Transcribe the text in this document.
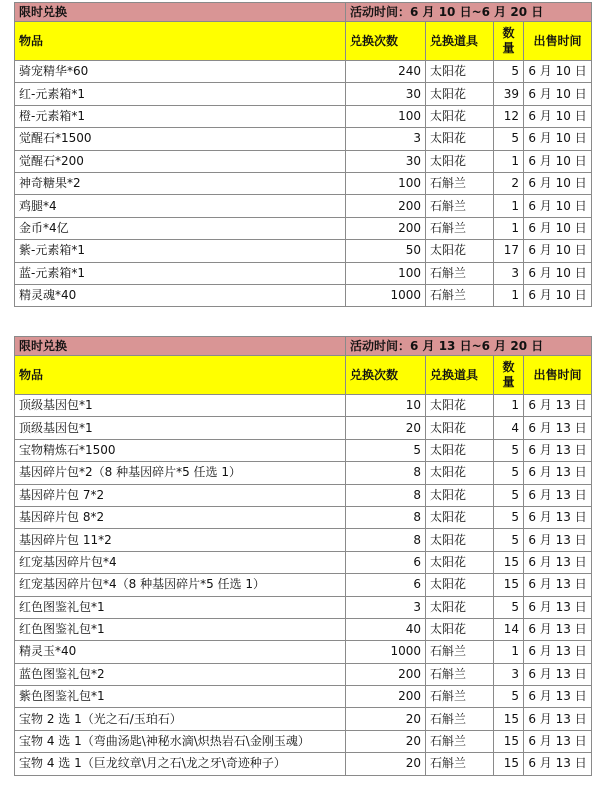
限时兑换	活动时间：6 月 10 日~6 月 20 日			
物品	兑换次数	兑换道具	数量	出售时间
骑宠精华*60	240	太阳花	5	6 月 10 日
红-元素箱*1	30	太阳花	39	6 月 10 日
橙-元素箱*1	100	太阳花	12	6 月 10 日
觉醒石*1500	3	太阳花	5	6 月 10 日
觉醒石*200	30	太阳花	1	6 月 10 日
神奇糖果*2	100	石斛兰	2	6 月 10 日
鸡腿*4	200	石斛兰	1	6 月 10 日
金币*4亿	200	石斛兰	1	6 月 10 日
紫-元素箱*1	50	太阳花	17	6 月 10 日
蓝-元素箱*1	100	石斛兰	3	6 月 10 日
精灵魂*40	1000	石斛兰	1	6 月 10 日
限时兑换	活动时间：6 月 13 日~6 月 20 日			
物品	兑换次数	兑换道具	数量	出售时间
顶级基因包*1	10	太阳花	1	6 月 13 日
顶级基因包*1	20	太阳花	4	6 月 13 日
宝物精炼石*1500	5	太阳花	5	6 月 13 日
基因碎片包*2（8 种基因碎片*5 任选 1）	8	太阳花	5	6 月 13 日
基因碎片包 7*2	8	太阳花	5	6 月 13 日
基因碎片包 8*2	8	太阳花	5	6 月 13 日
基因碎片包 11*2	8	太阳花	5	6 月 13 日
红宠基因碎片包*4	6	太阳花	15	6 月 13 日
红宠基因碎片包*4（8 种基因碎片*5 任选 1）	6	太阳花	15	6 月 13 日
红色图鉴礼包*1	3	太阳花	5	6 月 13 日
红色图鉴礼包*1	40	太阳花	14	6 月 13 日
精灵玉*40	1000	石斛兰	1	6 月 13 日
蓝色图鉴礼包*2	200	石斛兰	3	6 月 13 日
紫色图鉴礼包*1	200	石斛兰	5	6 月 13 日
宝物 2 选 1（光之石/玉珀石）	20	石斛兰	15	6 月 13 日
宝物 4 选 1（弯曲汤匙\神秘水滴\炽热岩石\金刚玉魂）	20	石斛兰	15	6 月 13 日
宝物 4 选 1（巨龙纹章\月之石\龙之牙\奇迹种子）	20	石斛兰	15	6 月 13 日
